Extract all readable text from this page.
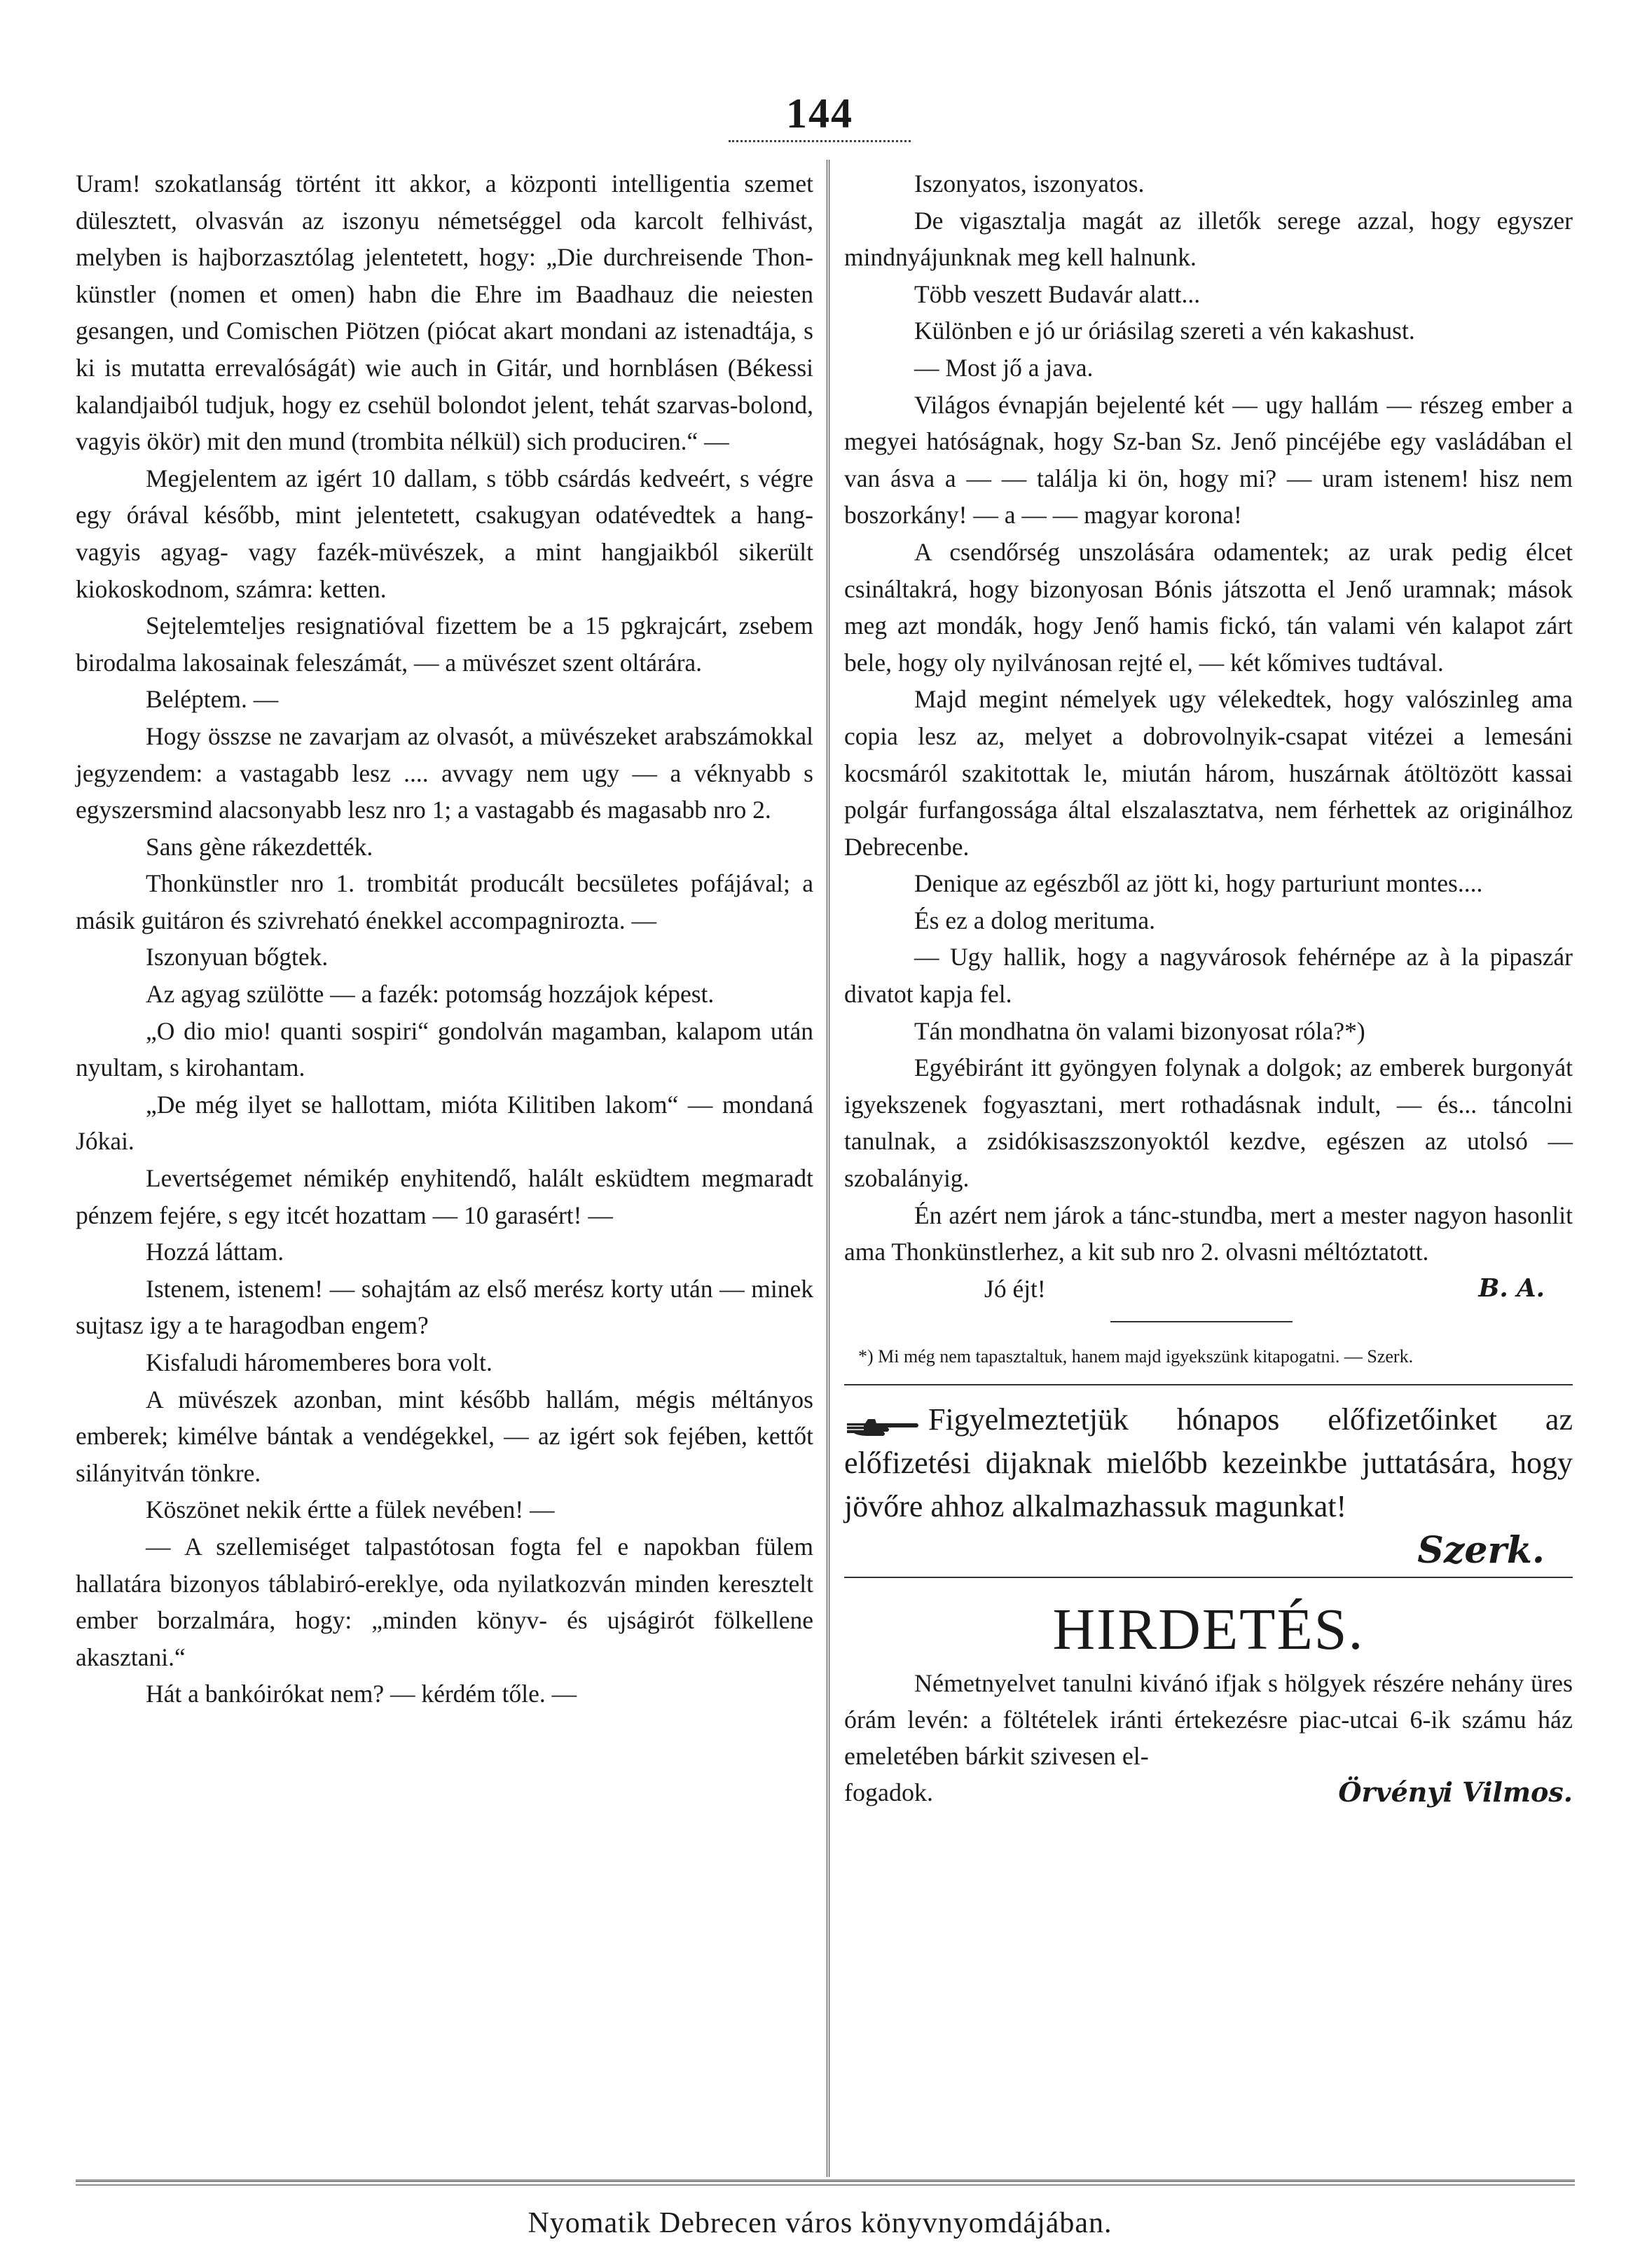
144

Uram! szokatlanság történt itt akkor, a központi intelligentia szemet dülesztett, olvasván az iszonyu németséggel oda karcolt felhivást, melyben is hajborzasztólag jelentetett, hogy: „Die durchreisende Thon-künstler (nomen et omen) habn die Ehre im Baadhauz die neiesten gesangen, und Comischen Piötzen (piócat akart mondani az istenadtája, s ki is mutatta errevalóságát) wie auch in Gitár, und hornblásen (Békessi kalandjaiból tudjuk, hogy ez csehül bolondot jelent, tehát szarvas-bolond, vagyis ökör) mit den mund (trombita nélkül) sich produciren.“ —

Megjelentem az igért 10 dallam, s több csárdás kedveért, s végre egy órával később, mint jelentetett, csakugyan odatévedtek a hang- vagyis agyag- vagy fazék-müvészek, a mint hangjaikból sikerült kiokoskodnom, számra: ketten.

Sejtelemteljes resignatióval fizettem be a 15 pgkrajcárt, zsebem birodalma lakosainak feleszámát, — a müvészet szent oltárára.

Beléptem. —

Hogy összse ne zavarjam az olvasót, a müvészeket arabszámokkal jegyzendem: a vastagabb lesz .... avvagy nem ugy — a véknyabb s egyszersmind alacsonyabb lesz nro 1; a vastagabb és magasabb nro 2.

Sans gène rákezdették.

Thonkünstler nro 1. trombitát producált becsületes pofájával; a másik guitáron és szivreható énekkel accompagnirozta. —

Iszonyuan bőgtek.

Az agyag szülötte — a fazék: potomság hozzájok képest.

„O dio mio! quanti sospiri“ gondolván magamban, kalapom után nyultam, s kirohantam.

„De még ilyet se hallottam, mióta Kilitiben lakom“ — mondaná Jókai.

Levertségemet némikép enyhitendő, halált esküdtem megmaradt pénzem fejére, s egy itcét hozattam — 10 garasért! —

Hozzá láttam.

Istenem, istenem! — sohajtám az első merész korty után — minek sujtasz igy a te haragodban engem?

Kisfaludi háromemberes bora volt.

A müvészek azonban, mint később hallám, mégis méltányos emberek; kimélve bántak a vendégekkel, — az igért sok fejében, kettőt silányitván tönkre.

Köszönet nekik értte a fülek nevében! —

— A szellemiséget talpastótosan fogta fel e napokban fülem hallatára bizonyos táblabiró-ereklye, oda nyilatkozván minden keresztelt ember borzalmára, hogy: „minden könyv- és ujságirót fölkellene akasztani.“

Hát a bankóirókat nem? — kérdém tőle. —

Iszonyatos, iszonyatos.

De vigasztalja magát az illetők serege azzal, hogy egyszer mindnyájunknak meg kell halnunk.

Több veszett Budavár alatt...

Különben e jó ur óriásilag szereti a vén kakashust.

— Most jő a java.

Világos évnapján bejelenté két — ugy hallám — részeg ember a megyei hatóságnak, hogy Sz-ban Sz. Jenő pincéjébe egy vasládában el van ásva a — — találja ki ön, hogy mi? — uram istenem! hisz nem boszorkány! — a — — magyar korona!

A csendőrség unszolására odamentek; az urak pedig élcet csináltakrá, hogy bizonyosan Bónis játszotta el Jenő uramnak; mások meg azt mondák, hogy Jenő hamis fickó, tán valami vén kalapot zárt bele, hogy oly nyilvánosan rejté el, — két kőmives tudtával.

Majd megint némelyek ugy vélekedtek, hogy valószinleg ama copia lesz az, melyet a dobrovolnyik-csapat vitézei a lemesáni kocsmáról szakitottak le, miután három, huszárnak átöltözött kassai polgár furfangossága által elszalasztatva, nem férhettek az originálhoz Debrecenbe.

Denique az egészből az jött ki, hogy parturiunt montes....

És ez a dolog merituma.

— Ugy hallik, hogy a nagyvárosok fehérnépe az à la pipaszár divatot kapja fel.

Tán mondhatna ön valami bizonyosat róla?*)

Egyébiránt itt gyöngyen folynak a dolgok; az emberek burgonyát igyekszenek fogyasztani, mert rothadásnak indult, — és... táncolni tanulnak, a zsidókisaszszonyoktól kezdve, egészen az utolsó — szobalányig.

Én azért nem járok a tánc-stundba, mert a mester nagyon hasonlit ama Thonkünstlerhez, a kit sub nro 2. olvasni méltóztatott.

Jó éjt!	B. A.

*) Mi még nem tapasztaltuk, hanem majd igyekszünk kitapogatni. — Szerk.

Figyelmeztetjük hónapos előfizetőinket az előfizetési dijaknak mielőbb kezeinkbe juttatására, hogy jövőre ahhoz alkalmazhassuk magunkat!

Szerk.

HIRDETÉS.

Németnyelvet tanulni kivánó ifjak s hölgyek részére nehány üres órám levén: a föltételek iránti értekezésre piac-utcai 6-ik számu ház emeletében bárkit szivesen el-

fogadok.	Örvényi Vilmos.
Nyomatik Debrecen város könyvnyomdájában.
